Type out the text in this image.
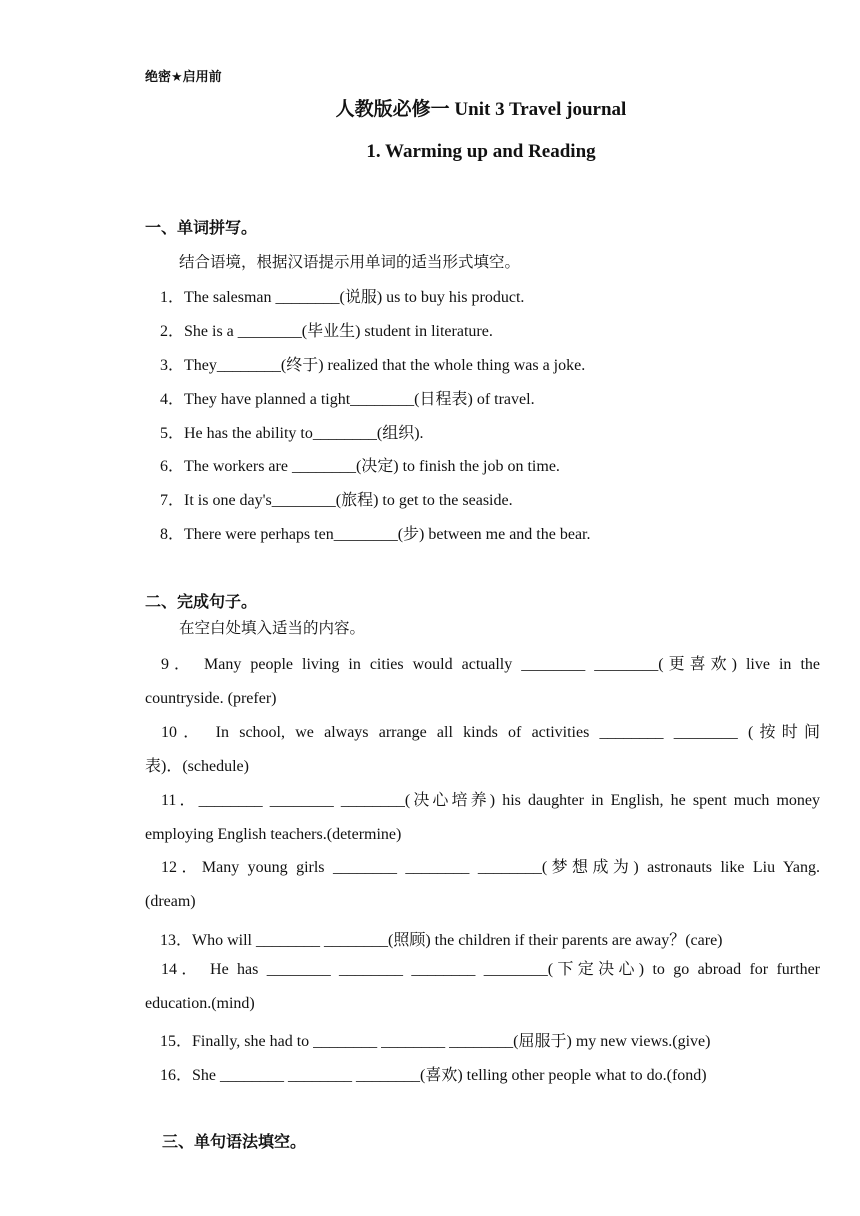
绝密★启用前
人教版必修一 Unit 3 Travel journal
1. Warming up and Reading
一、单词拼写。
结合语境，根据汉语提示用单词的适当形式填空。
1．The salesman ________(说服) us to buy his product.
2．She is a ________(毕业生) student in literature.
3．They________(终于) realized that the whole thing was a joke.
4．They have planned a tight________(日程表) of travel.
5．He has the ability to________(组织).
6．The workers are ________(决定) to finish the job on time.
7．It is one day's________(旅程) to get to the seaside.
8．There were perhaps ten________(步) between me and the bear.
二、完成句子。
在空白处填入适当的内容。
9． Many people living in cities would actually ________ ________(更喜欢) live in the countryside. (prefer)
10． In school, we always arrange all kinds of activities ________ ________ (按时间 表)．(schedule)
11．________ ________ ________(决心培养) his daughter in English, he spent much money employing English teachers.(determine)
12．Many young girls ________ ________ ________(梦想成为) astronauts like Liu Yang. (dream)
13．Who will ________ ________(照顾) the children if their parents are away？(care)
14． He has ________ ________ ________ ________(下定决心) to go abroad for further education.(mind)
15．Finally, she had to ________ ________ ________(屈服于) my new views.(give)
16．She ________ ________ ________(喜欢) telling other people what to do.(fond)
三、单句语法填空。
